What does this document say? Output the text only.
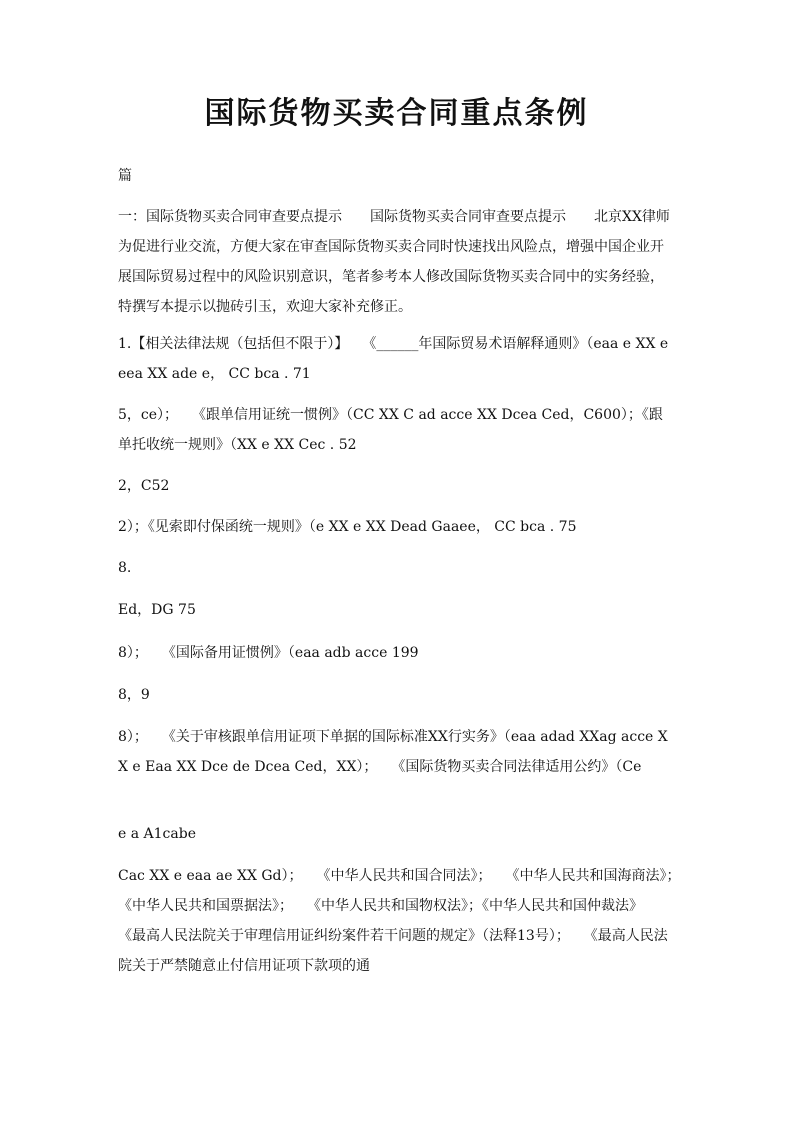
国际货物买卖合同重点条例
篇
一：国际货物买卖合同审查要点提示　　国际货物买卖合同审查要点提示　　北京XX律师　　为促进行业交流，方便大家在审查国际货物买卖合同时快速找出风险点，增强中国企业开展国际贸易过程中的风险识别意识，笔者参考本人修改国际货物买卖合同中的实务经验，特撰写本提示以抛砖引玉，欢迎大家补充修正。
1.【相关法律法规（包括但不限于）】　　《______年国际贸易术语解释通则》（eaa e XX e eea XX ade e， CC bca . 71
5，ce）；　　《跟单信用证统一惯例》（CC XX C ad acce XX Dcea Ced，C600）；《跟单托收统一规则》（XX e XX Cec . 52
2，C52
2）；《见索即付保函统一规则》（e XX e XX Dead Gaaee， CC bca . 75
8.
Ed，DG 75
8）；　　《国际备用证惯例》（eaa adb acce 199
8，9
8）；　　《关于审核跟单信用证项下单据的国际标准XX行实务》（eaa adad XXag acce XX e Eaa XX Dce de Dcea Ced，XX）；　　《国际货物买卖合同法律适用公约》（Ce
e a A1cabe
Cac XX e eaa ae XX Gd）；　　《中华人民共和国合同法》；　　《中华人民共和国海商法》；　　《中华人民共和国票据法》；　　《中华人民共和国物权法》；《中华人民共和国仲裁法》　　《最高人民法院关于审理信用证纠纷案件若干问题的规定》（法释13号）；　　《最高人民法院关于严禁随意止付信用证项下款项的通
